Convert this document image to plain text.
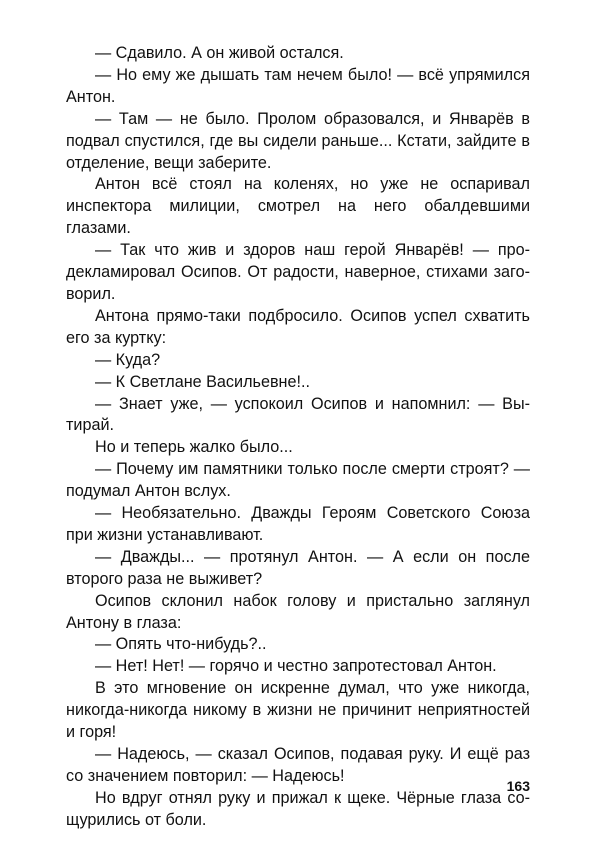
— Сдавило. А он живой остался.

— Но ему же дышать там нечем было! — всё упрямился Антон.

— Там — не было. Пролом образовался, и Январёв в подвал спустился, где вы сидели раньше... Кстати, зайдите в отделение, вещи заберите.

Антон всё стоял на коленях, но уже не оспаривал инспектора милиции, смотрел на него обалдевшими глазами.

— Так что жив и здоров наш герой Январёв! — продекламировал Осипов. От радости, наверное, стихами заговорил.

Антона прямо-таки подбросило. Осипов успел схватить его за куртку:

— Куда?

— К Светлане Васильевне!..

— Знает уже, — успокоил Осипов и напомнил: — Вытирай.

Но и теперь жалко было...

— Почему им памятники только после смерти строят? — подумал Антон вслух.

— Необязательно. Дважды Героям Советского Союза при жизни устанавливают.

— Дважды... — протянул Антон. — А если он после второго раза не выживет?

Осипов склонил набок голову и пристально заглянул Антону в глаза:

— Опять что-нибудь?..

— Нет! Нет! — горячо и честно запротестовал Антон.

В это мгновение он искренне думал, что уже никогда, никогда-никогда никому в жизни не причинит неприятностей и горя!

— Надеюсь, — сказал Осипов, подавая руку. И ещё раз со значением повторил: — Надеюсь!

Но вдруг отнял руку и прижал к щеке. Чёрные глаза сощурились от боли.

163
